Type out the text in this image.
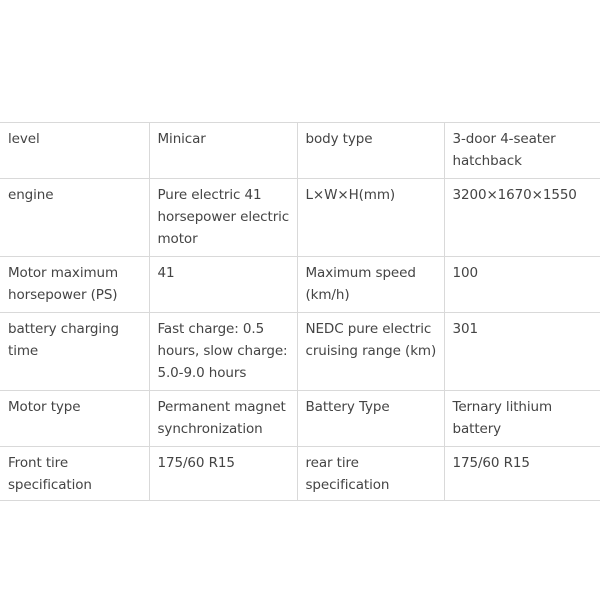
level	Minicar	body type	3-door 4-seater hatchback
engine	Pure electric 41 horsepower electric motor	L×W×H(mm)	3200×1670×1550
Motor maximum horsepower (PS)	41	Maximum speed (km/h)	100
battery charging time	Fast charge: 0.5 hours, slow charge: 5.0-9.0 hours	NEDC pure electric cruising range (km)	301
Motor type	Permanent magnet synchronization	Battery Type	Ternary lithium battery
Front tire specification	175/60 R15	rear tire specification	175/60 R15
